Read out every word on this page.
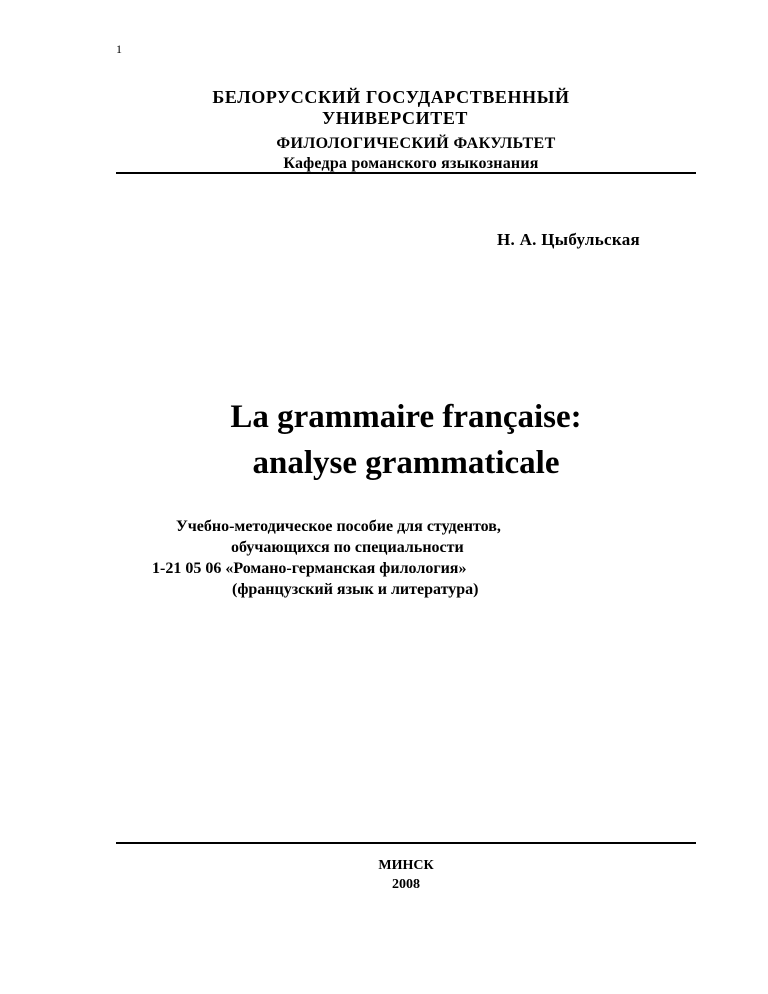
1
БЕЛОРУССКИЙ ГОСУДАРСТВЕННЫЙ
УНИВЕРСИТЕТ
ФИЛОЛОГИЧЕСКИЙ ФАКУЛЬТЕТ
Кафедра романского языкознания
Н. А. Цыбульская
La grammaire française:
analyse grammaticale
Учебно-методическое пособие для студентов,
обучающихся по специальности
1-21 05 06 «Романо-германская филология»
(французский язык и литература)
МИНСК
2008
